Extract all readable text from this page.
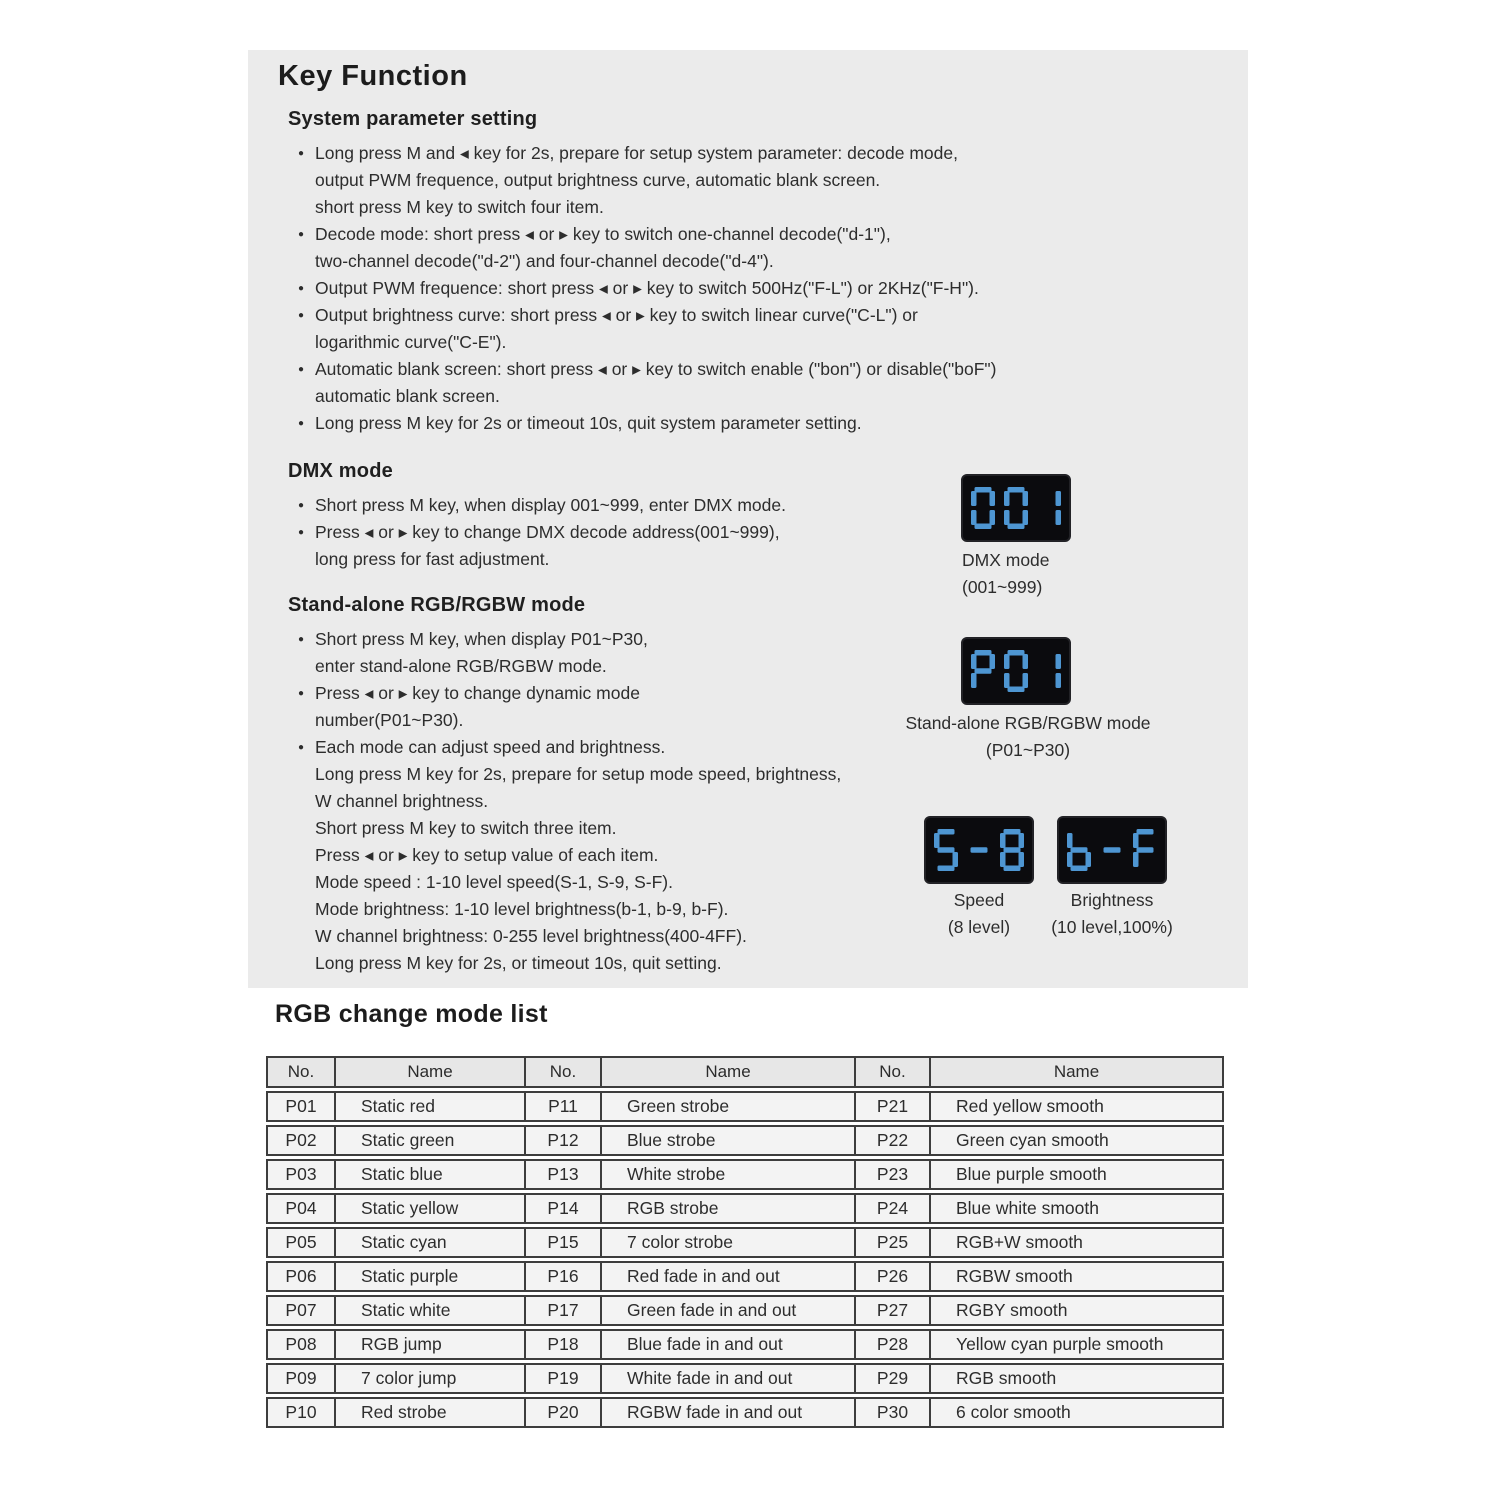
Key Function
System parameter setting
● Long press M and ◂ key for 2s, prepare for setup system parameter: decode mode,
output PWM frequence, output brightness curve, automatic blank screen.
short press M key to switch four item.
● Decode mode: short press ◂ or ▸ key to switch one-channel decode("d-1"),
two-channel decode("d-2") and four-channel decode("d-4").
● Output PWM frequence: short press ◂ or ▸ key to switch 500Hz("F-L") or 2KHz("F-H").
● Output brightness curve: short press ◂ or ▸ key to switch linear curve("C-L") or
logarithmic curve("C-E").
● Automatic blank screen: short press ◂ or ▸ key to switch enable ("bon") or disable("boF")
automatic blank screen.
● Long press M key for 2s or timeout 10s, quit system parameter setting.
DMX mode
● Short press M key, when display 001~999, enter DMX mode.
● Press ◂ or ▸ key to change DMX decode address(001~999),
long press for fast adjustment.
Stand-alone RGB/RGBW mode
● Short press M key, when display P01~P30,
enter stand-alone RGB/RGBW mode.
● Press ◂ or ▸ key to change dynamic mode
number(P01~P30).
● Each mode can adjust speed and brightness.
Long press M key for 2s, prepare for setup mode speed, brightness,
W channel brightness.
Short press M key to switch three item.
Press ◂ or ▸ key to setup value of each item.
Mode speed : 1-10 level speed(S-1, S-9, S-F).
Mode brightness: 1-10 level brightness(b-1, b-9, b-F).
W channel brightness: 0-255 level brightness(400-4FF).
Long press M key for 2s, or timeout 10s, quit setting.
DMX mode
(001~999)
Stand-alone RGB/RGBW mode
(P01~P30)
Speed
(8 level)
Brightness
(10 level,100%)
RGB change mode list
No.	Name	No.	Name	No.	Name
P01	Static red	P11	Green strobe	P21	Red yellow smooth
P02	Static green	P12	Blue strobe	P22	Green cyan smooth
P03	Static blue	P13	White strobe	P23	Blue purple smooth
P04	Static yellow	P14	RGB strobe	P24	Blue white smooth
P05	Static cyan	P15	7 color strobe	P25	RGB+W smooth
P06	Static purple	P16	Red fade in and out	P26	RGBW smooth
P07	Static white	P17	Green fade in and out	P27	RGBY smooth
P08	RGB jump	P18	Blue fade in and out	P28	Yellow cyan purple smooth
P09	7 color jump	P19	White fade in and out	P29	RGB smooth
P10	Red strobe	P20	RGBW fade in and out	P30	6 color smooth
